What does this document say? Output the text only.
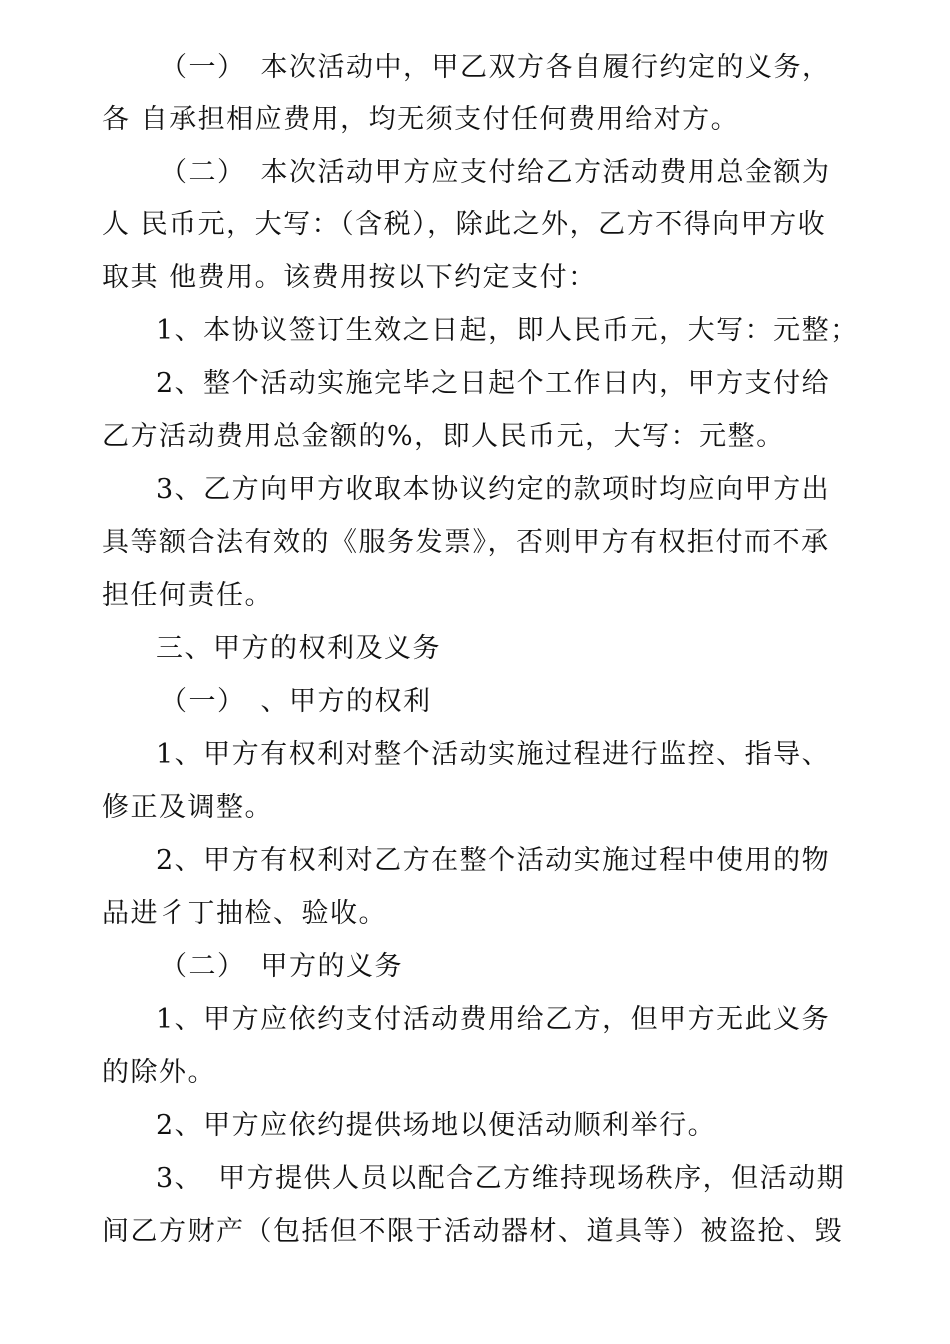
（一）　本次活动中，甲乙双方各自履行约定的义务，
各 自承担相应费用，均无须支付任何费用给对方。
（二）　本次活动甲方应支付给乙方活动费用总金额为
人 民币元，大写：（含税），除此之外，乙方不得向甲方收
取其 他费用。该费用按以下约定支付：
1、本协议签订生效之日起，即人民币元，大写：元整；
2、整个活动实施完毕之日起个工作日内，甲方支付给
乙方活动费用总金额的%，即人民币元，大写：元整。
3、乙方向甲方收取本协议约定的款项时均应向甲方出
具等额合法有效的《服务发票》，否则甲方有权拒付而不承
担任何责任。
三、甲方的权利及义务
（一）　、甲方的权利
1、甲方有权利对整个活动实施过程进行监控、指导、
修正及调整。
2、甲方有权利对乙方在整个活动实施过程中使用的物
品进彳丁抽检、验收。
（二）　甲方的义务
1、甲方应依约支付活动费用给乙方，但甲方无此义务
的除外。
2、甲方应依约提供场地以便活动顺利举行。
3、　甲方提供人员以配合乙方维持现场秩序，但活动期
间乙方财产（包括但不限于活动器材、道具等）被盗抢、毁
